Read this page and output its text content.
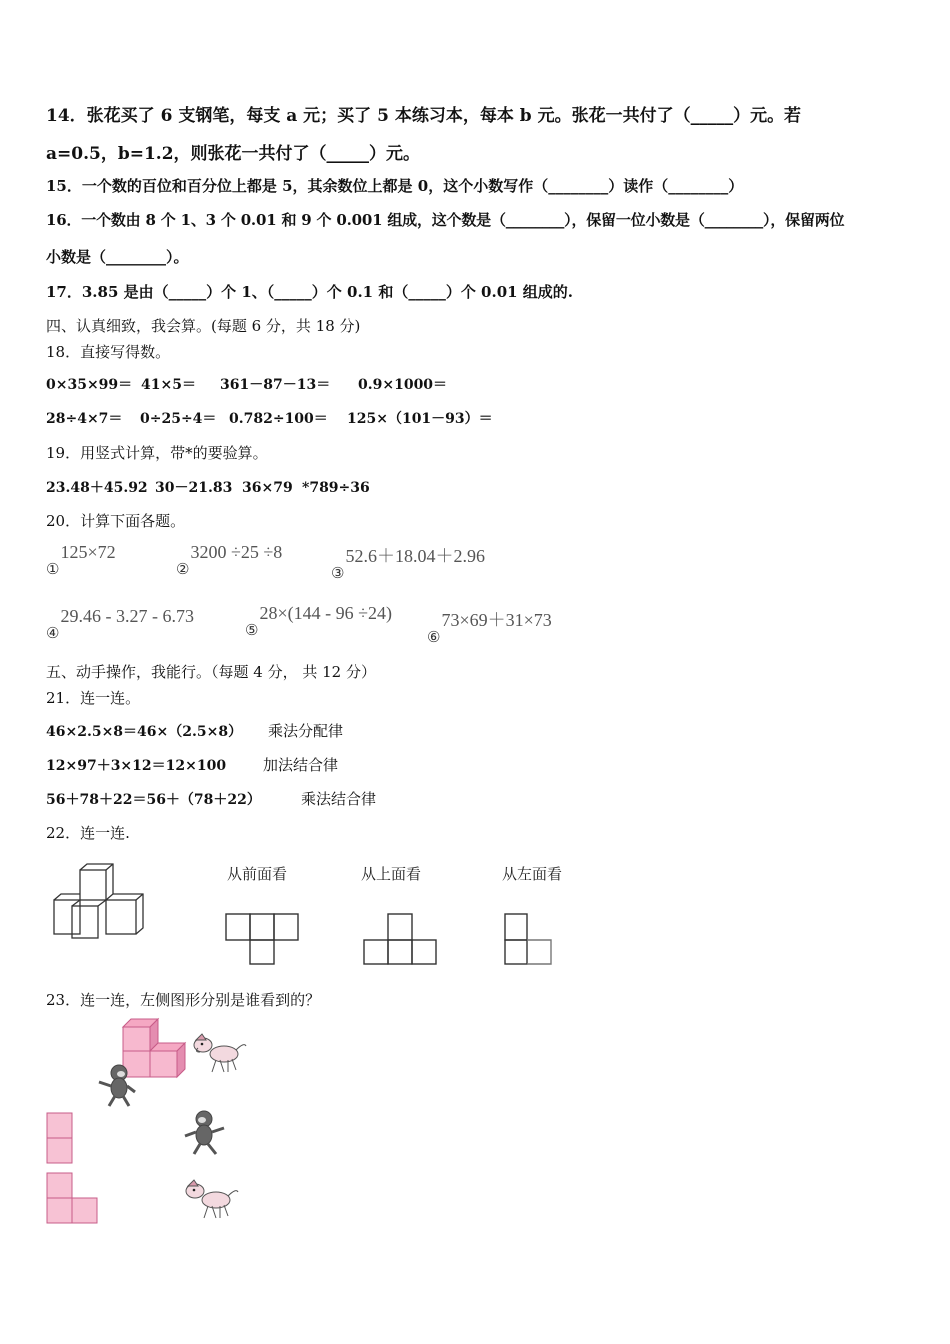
14．张花买了 6 支钢笔，每支 a 元；买了 5 本练习本，每本 b 元。张花一共付了（_____）元。若
a=0.5，b=1.2，则张花一共付了（_____）元。
15．一个数的百位和百分位上都是 5，其余数位上都是 0，这个小数写作（________）读作（________）
16．一个数由 8 个 1、3 个 0.01 和 9 个 0.001 组成，这个数是（________），保留一位小数是（________），保留两位
小数是（________）。
17．3.85 是由（_____）个 1、（_____）个 0.1 和（_____）个 0.01 组成的.
四、认真细致，我会算。(每题 6 分，共 18 分)
18．直接写得数。
0×35×99＝ 41×5＝ 361－87－13＝ 0.9×1000＝
28÷4×7＝ 0÷25÷4＝ 0.782÷100＝ 125×（101－93）＝
19．用竖式计算，带*的要验算。
23.48＋45.92 30－21.83 36×79 *789÷36
20．计算下面各题。
①125×72
②3200 ÷25 ÷8
③52.6＋18.04＋2.96
④29.46 - 3.27 - 6.73
⑤28×(144 - 96 ÷24)
⑥73×69＋31×73
五、动手操作，我能行。（每题 4 分， 共 12 分）
21．连一连。
46×2.5×8＝46×（2.5×8） 乘法分配律
12×97＋3×12＝12×100 加法结合律
56＋78＋22＝56＋（78＋22）	乘法结合律
22．连一连.
从前面看	从上面看	从左面看
23．连一连，左侧图形分别是谁看到的？
